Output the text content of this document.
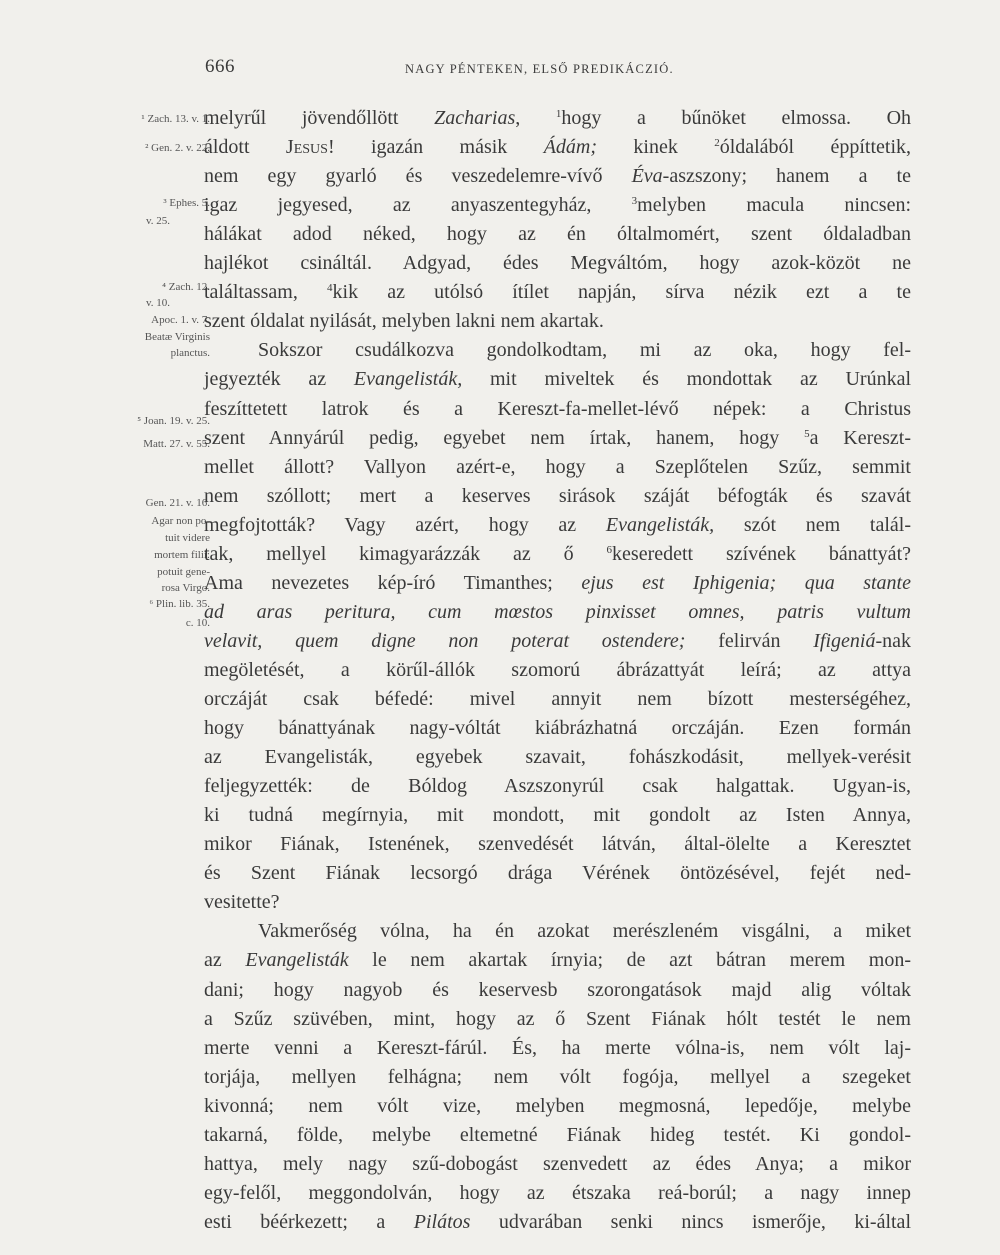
666	NAGY PÉNTEKEN, ELSŐ PREDIKÁCZIÓ.
¹ Zach. 13. v. 1.
² Gen. 2. v. 22.
³ Ephes. 5.
v. 25.
⁴ Zach. 12.
v. 10.
Apoc. 1. v. 7.
Beatæ Virginis
planctus.
⁵ Joan. 19. v. 25.
Matt. 27. v. 55.
Gen. 21. v. 16.
Agar non po-
tuit videre
mortem filii:
potuit gene-
rosa Virgo.
⁶ Plin. lib. 35.
c. 10.
melyrűl jövendőllött Zacharias, $^1$hogy a bűnöket elmossa. Oh
áldott Jesus! igazán másik Ádám; kinek $^2$óldalából éppíttetik,
nem egy gyarló és veszedelemre-vívő Éva-aszszony; hanem a te
igaz jegyesed, az anyaszentegyház, $^3$melyben macula nincsen:
hálákat adod néked, hogy az én óltalmomért, szent óldaladban
hajlékot csináltál. Adgyad, édes Megváltóm, hogy azok-közöt ne
találtassam, $^4$kik az utólsó ítílet napján, sírva nézik ezt a te
szent óldalat nyilását, melyben lakni nem akartak.
Sokszor csudálkozva gondolkodtam, mi az oka, hogy fel-
jegyezték az Evangelisták, mit miveltek és mondottak az Urúnkal
feszíttetett latrok és a Kereszt-fa-mellet-lévő népek: a Christus
szent Annyárúl pedig, egyebet nem írtak, hanem, hogy $^5$a Kereszt-
mellet állott? Vallyon azért-e, hogy a Szeplőtelen Szűz, semmit
nem szóllott; mert a keserves sirások száját béfogták és szavát
megfojtották? Vagy azért, hogy az Evangelisták, szót nem talál-
tak, mellyel kimagyarázzák az ő $^6$keseredett szívének bánattyát?
Ama nevezetes kép-író Timanthes; ejus est Iphigenia; qua stante
ad aras peritura, cum mœstos pinxisset omnes, patris vultum
velavit, quem digne non poterat ostendere; felirván Ifigeniá-nak
megöletését, a körűl-állók szomorú ábrázattyát leírá; az attya
orczáját csak béfedé: mivel annyit nem bízott mesterségéhez,
hogy bánattyának nagy-vóltát kiábrázhatná orczáján. Ezen formán
az Evangelisták, egyebek szavait, fohászkodásit, mellyek-verésit
feljegyzették: de Bóldog Aszszonyrúl csak halgattak. Ugyan-is,
ki tudná megírnyia, mit mondott, mit gondolt az Isten Annya,
mikor Fiának, Istenének, szenvedését látván, által-ölelte a Keresztet
és Szent Fiának lecsorgó drága Vérének öntözésével, fejét ned-
vesitette?
Vakmerőség vólna, ha én azokat merészleném visgálni, a miket
az Evangelisták le nem akartak írnyia; de azt bátran merem mon-
dani; hogy nagyob és keservesb szorongatások majd alig vóltak
a Szűz szüvében, mint, hogy az ő Szent Fiának hólt testét le nem
merte venni a Kereszt-fárúl. És, ha merte vólna-is, nem vólt laj-
torjája, mellyen felhágna; nem vólt fogója, mellyel a szegeket
kivonná; nem vólt vize, melyben megmosná, lepedője, melybe
takarná, földe, melybe eltemetné Fiának hideg testét. Ki gondol-
hattya, mely nagy szű-dobogást szenvedett az édes Anya; a mikor
egy-felől, meggondolván, hogy az étszaka reá-borúl; a nagy innep
esti béérkezett; a Pilátos udvarában senki nincs ismerője, ki-által
